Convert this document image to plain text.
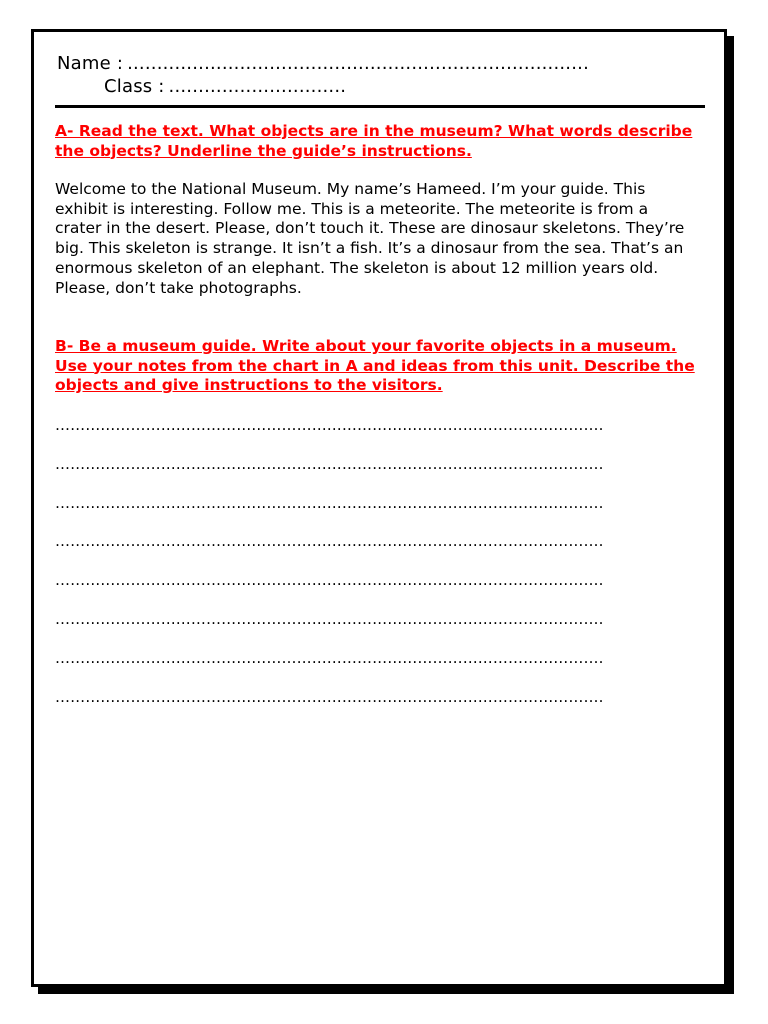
Name : ..............................................................................
Class : ..............................

A- Read the text. What objects are in the museum? What words describe the objects? Underline the guide’s instructions.

Welcome to the National Museum. My name’s Hameed. I’m your guide. This exhibit is interesting. Follow me. This is a meteorite. The meteorite is from a crater in the desert. Please, don’t touch it. These are dinosaur skeletons. They’re big. This skeleton is strange. It isn’t a fish. It’s a dinosaur from the sea. That’s an enormous skeleton of an elephant. The skeleton is about 12 million years old. Please, don’t take photographs.

B- Be a museum guide. Write about your favorite objects in a museum. Use your notes from the chart in A and ideas from this unit. Describe the objects and give instructions to the visitors.

……………………………………………………………………………………………….
……………………………………………………………………………………………….
……………………………………………………………………………………………….
……………………………………………………………………………………………….
……………………………………………………………………………………………….
……………………………………………………………………………………………….
……………………………………………………………………………………………….
……………………………………………………………………………………………….
